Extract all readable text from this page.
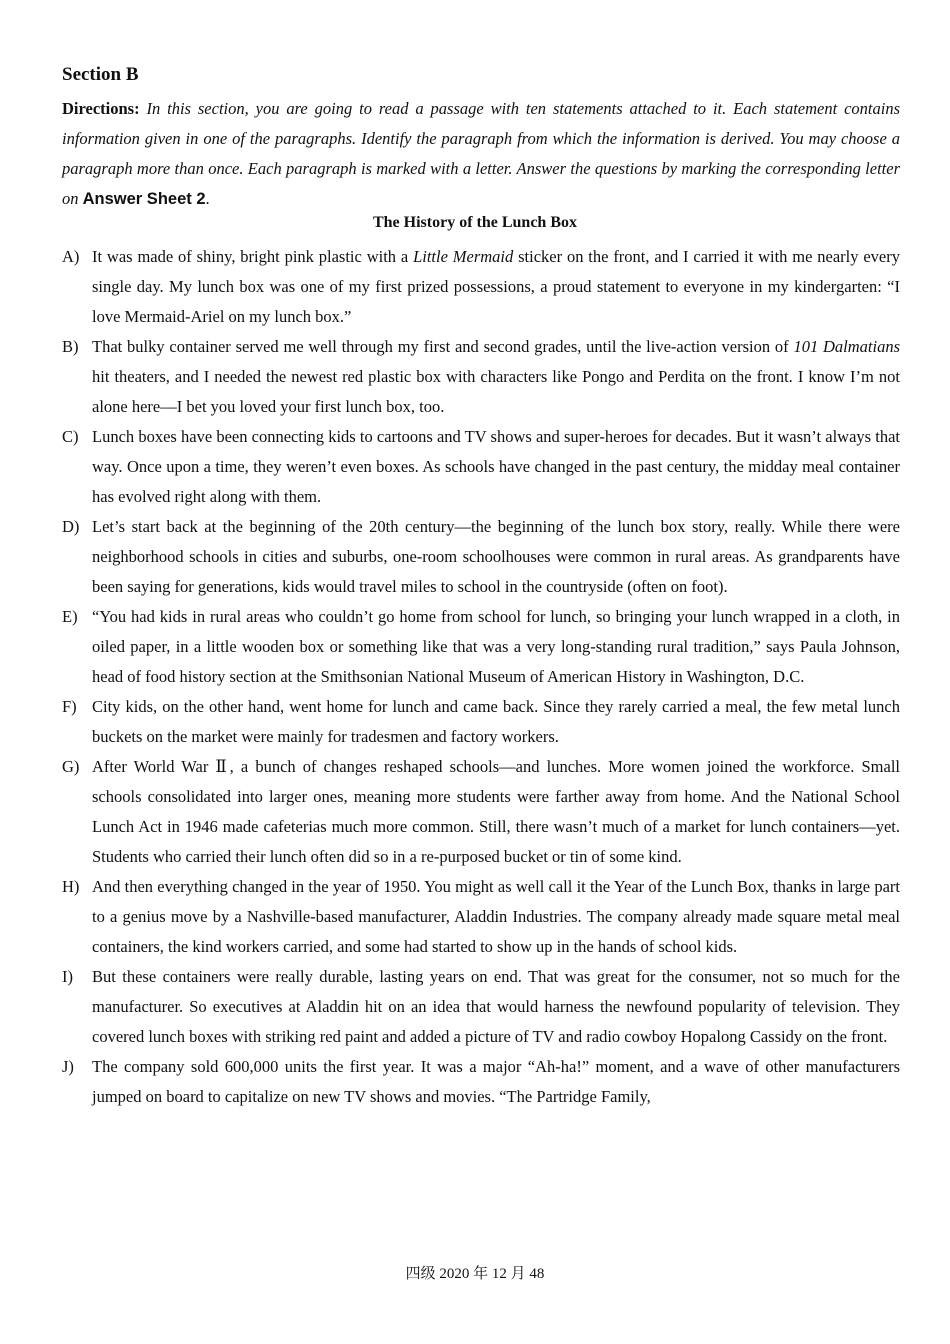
Section B
Directions: In this section, you are going to read a passage with ten statements attached to it. Each statement contains information given in one of the paragraphs. Identify the paragraph from which the information is derived. You may choose a paragraph more than once. Each paragraph is marked with a letter. Answer the questions by marking the corresponding letter on Answer Sheet 2.
The History of the Lunch Box

A) It was made of shiny, bright pink plastic with a Little Mermaid sticker on the front, and I carried it with me nearly every single day. My lunch box was one of my first prized possessions, a proud statement to everyone in my kindergarten: “I love Mermaid-Ariel on my lunch box.”

B) That bulky container served me well through my first and second grades, until the live-action version of 101 Dalmatians hit theaters, and I needed the newest red plastic box with characters like Pongo and Perdita on the front. I know I’m not alone here—I bet you loved your first lunch box, too.

C) Lunch boxes have been connecting kids to cartoons and TV shows and super-heroes for decades. But it wasn’t always that way. Once upon a time, they weren’t even boxes. As schools have changed in the past century, the midday meal container has evolved right along with them.

D) Let’s start back at the beginning of the 20th century—the beginning of the lunch box story, really. While there were neighborhood schools in cities and suburbs, one-room schoolhouses were common in rural areas. As grandparents have been saying for generations, kids would travel miles to school in the countryside (often on foot).

E) “You had kids in rural areas who couldn’t go home from school for lunch, so bringing your lunch wrapped in a cloth, in oiled paper, in a little wooden box or something like that was a very long-standing rural tradition,” says Paula Johnson, head of food history section at the Smithsonian National Museum of American History in Washington, D.C.

F) City kids, on the other hand, went home for lunch and came back. Since they rarely carried a meal, the few metal lunch buckets on the market were mainly for tradesmen and factory workers.

G) After World War Ⅱ, a bunch of changes reshaped schools—and lunches. More women joined the workforce. Small schools consolidated into larger ones, meaning more students were farther away from home. And the National School Lunch Act in 1946 made cafeterias much more common. Still, there wasn’t much of a market for lunch containers—yet. Students who carried their lunch often did so in a re-purposed bucket or tin of some kind.

H) And then everything changed in the year of 1950. You might as well call it the Year of the Lunch Box, thanks in large part to a genius move by a Nashville-based manufacturer, Aladdin Industries. The company already made square metal meal containers, the kind workers carried, and some had started to show up in the hands of school kids.

I) But these containers were really durable, lasting years on end. That was great for the consumer, not so much for the manufacturer. So executives at Aladdin hit on an idea that would harness the newfound popularity of television. They covered lunch boxes with striking red paint and added a picture of TV and radio cowboy Hopalong Cassidy on the front.

J) The company sold 600,000 units the first year. It was a major “Ah-ha!” moment, and a wave of other manufacturers jumped on board to capitalize on new TV shows and movies. “The Partridge Family,

四级 2020 年 12 月 48
